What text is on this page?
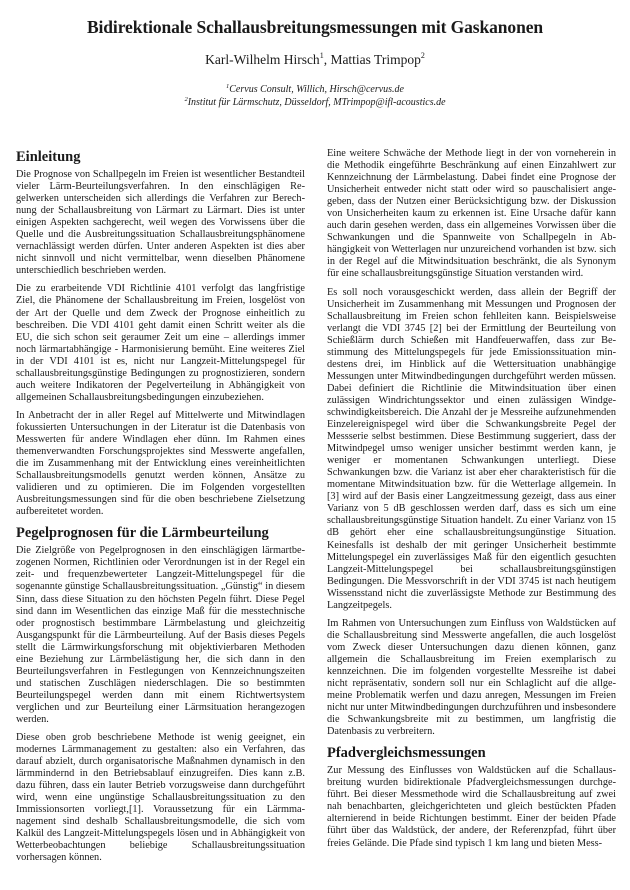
Bidirektionale Schallausbreitungsmessungen mit Gaskanonen
Karl-Wilhelm Hirsch$^1$, Mattias Trimpop$^2$
$^1$Cervus Consult, Willich, Hirsch@cervus.de
$^2$Institut für Lärmschutz, Düsseldorf, MTrimpop@ifl-acoustics.de
Einleitung

Die Prognose von Schallpegeln im Freien ist wesentlicher Bestandteil vieler Lärm-Beurteilungsverfahren. In den einschlägigen Regelwerken unterscheiden sich allerdings die Verfahren zur Berechnung der Schallausbreitung von Lärmart zu Lärmart. Dies ist unter einigen Aspekten sachgerecht, weil wegen des Vorwissens über die Quelle und die Ausbreitungssituation Schallausbreitungsphänomene vernachlässigt werden dürfen. Unter anderen Aspekten ist dies aber nicht sinnvoll und nicht vermittelbar, wenn dieselben Phänomene unterschiedlich beschrieben werden.

Die zu erarbeitende VDI Richtlinie 4101 verfolgt das langfristige Ziel, die Phänomene der Schallausbreitung im Freien, losgelöst von der Art der Quelle und dem Zweck der Prognose einheitlich zu beschreiben. Die VDI 4101 geht damit einen Schritt weiter als die EU, die sich schon seit geraumer Zeit um eine – allerdings immer noch lärmartabhängige - Harmonisierung bemüht. Eine weiteres Ziel in der VDI 4101 ist es, nicht nur Langzeit-Mittelungspegel für schallausbreitungsgünstige Bedingungen zu prognostizieren, sondern auch weitere Indikatoren der Pegelverteilung in Abhängigkeit von allgemeinen Schallausbreitungsbedingungen einzubeziehen.

In Anbetracht der in aller Regel auf Mittelwerte und Mitwindlagen fokussierten Untersuchungen in der Literatur ist die Datenbasis von Messwerten für andere Windlagen eher dünn. Im Rahmen eines themenverwandten Forschungsprojektes sind Messwerte angefallen, die im Zusammenhang mit der Entwicklung eines vereinheitlichten Schallausbreitungsmodells genutzt werden können, Ansätze zu validieren und zu optimieren. Die im Folgenden vorgestellten Ausbreitungsmessungen sind für die oben beschriebene Zielsetzung aufbereitetet worden.

Pegelprognosen für die Lärmbeurteilung

Die Zielgröße von Pegelprognosen in den einschlägigen lärmartbezogenen Normen, Richtlinien oder Verordnungen ist in der Regel ein zeit- und frequenzbewerteter Langzeit-Mittelungspegel für die sogenannte günstige Schallausbreitungssituation. „Günstig“ in diesem Sinn, dass diese Situation zu den höchsten Pegeln führt. Diese Pegel sind dann im Wesentlichen das einzige Maß für die messtechnische oder prognostisch bestimmbare Lärmbelastung und gleichzeitig Ausgangspunkt für die Lärmbeurteilung. Auf der Basis dieses Pegels stellt die Lärmwirkungsforschung mit objektivierbaren Methoden eine Beziehung zur Lärmbelästigung her, die sich dann in den Beurteilungsverfahren in Festlegungen von Kennzeichnungszeiten und statischen Zuschlägen niederschlagen. Die so bestimmten Beurteilungspegel werden dann mit einem Richtwertsystem verglichen und zur Beurteilung einer Lärmsituation herangezogen werden.

Diese oben grob beschriebene Methode ist wenig geeignet, ein modernes Lärmmanagement zu gestalten: also ein Verfahren, das darauf abzielt, durch organisatorische Maßnahmen dynamisch in den lärmmindernd in den Betriebsablauf einzugreifen. Dies kann z.B. dazu führen, dass ein lauter Betrieb vorzugsweise dann durchgeführt wird, wenn eine ungünstige Schallausbreitungssituation zu den Immissionsorten vorliegt,[1]. Voraussetzung für ein Lärmmanagement sind deshalb Schallausbreitungsmodelle, die sich vom Kalkül des Langzeit-Mittelungspegels lösen und in Abhängigkeit von Wetterbeobachtungen beliebige Schallausbreitungssituation vorhersagen können.

Eine weitere Schwäche der Methode liegt in der von vorneherein in die Methodik eingeführte Beschränkung auf einen Einzahlwert zur Kennzeichnung der Lärmbelastung. Dabei findet eine Prognose der Unsicherheit entweder nicht statt oder wird so pauschalisiert angegeben, dass der Nutzen einer Berücksichtigung bzw. der Diskussion von Unsicherheiten kaum zu erkennen ist. Eine Ursache dafür kann auch darin gesehen werden, dass ein allgemeines Vorwissen über die Schwankungen und die Spannweite von Schallpegeln in Abhängigkeit von Wetterlagen nur unzureichend vorhanden ist bzw. sich in der Regel auf die Mitwindsituation beschränkt, die als Synonym für eine schallausbreitungsgünstige Situation verstanden wird.

Es soll noch vorausgeschickt werden, dass allein der Begriff der Unsicherheit im Zusammenhang mit Messungen und Prognosen der Schallausbreitung im Freien schon fehlleiten kann. Beispielsweise verlangt die VDI 3745 [2] bei der Ermittlung der Beurteilung von Schießlärm durch Schießen mit Handfeuerwaffen, dass zur Bestimmung des Mittelungspegels für jede Emissionssituation mindestens drei, im Hinblick auf die Wettersituation unabhängige Messungen unter Mitwindbedingungen durchgeführt werden müssen. Dabei definiert die Richtlinie die Mitwindsituation über einen zulässigen Windrichtungssektor und einen zulässigen Windgeschwindigkeitsbereich. Die Anzahl der je Messreihe aufzunehmenden Einzelereignispegel wird über die Schwankungsbreite Pegel der Messserie selbst bestimmen. Diese Bestimmung suggeriert, dass der Mitwindpegel umso weniger unsicher bestimmt werden kann, je weniger er momentanen Schwankungen unterliegt. Diese Schwankungen bzw. die Varianz ist aber eher charakteristisch für die momentane Mitwindsituation bzw. für die Wetterlage allgemein. In [3] wird auf der Basis einer Langzeitmessung gezeigt, dass aus einer Varianz von 5 dB geschlossen werden darf, dass es sich um eine schallausbreitungsgünstige Situation handelt. Zu einer Varianz von 15 dB gehört eher eine schallausbreitungsungünstige Situation. Keinesfalls ist deshalb der mit geringer Unsicherheit bestimmte Mittelungspegel ein zuverlässiges Maß für den eigentlich gesuchten Langzeit-Mittelungspegel bei schallausbreitungsgünstigen Bedingungen. Die Messvorschrift in der VDI 3745 ist nach heutigem Wissensstand nicht die zuverlässigste Methode zur Bestimmung des Langzeitpegels.

Im Rahmen von Untersuchungen zum Einfluss von Waldstücken auf die Schallausbreitung sind Messwerte angefallen, die auch losgelöst vom Zweck dieser Untersuchungen dazu dienen können, ganz allgemein die Schallausbreitung im Freien exemplarisch zu kennzeichnen. Die im folgenden vorgestellte Messreihe ist dabei nicht repräsentativ, sondern soll nur ein Schlaglicht auf die allgemeine Problematik werfen und dazu anregen, Messungen im Freien nicht nur unter Mitwindbedingungen durchzuführen und insbesondere die Schwankungsbreite mit zu bestimmen, um langfristig die Datenbasis zu verbreitern.

Pfadvergleichsmessungen

Zur Messung des Einflusses von Waldstücken auf die Schallausbreitung wurden bidirektionale Pfadvergleichsmessungen durchgeführt. Bei dieser Messmethode wird die Schallausbreitung auf zwei nah benachbarten, gleichgerichteten und gleich bestückten Pfaden alternierend in beide Richtungen bestimmt. Einer der beiden Pfade führt über das Waldstück, der andere, der Referenzpfad, führt über freies Gelände. Die Pfade sind typisch 1 km lang und bieten Mess-
